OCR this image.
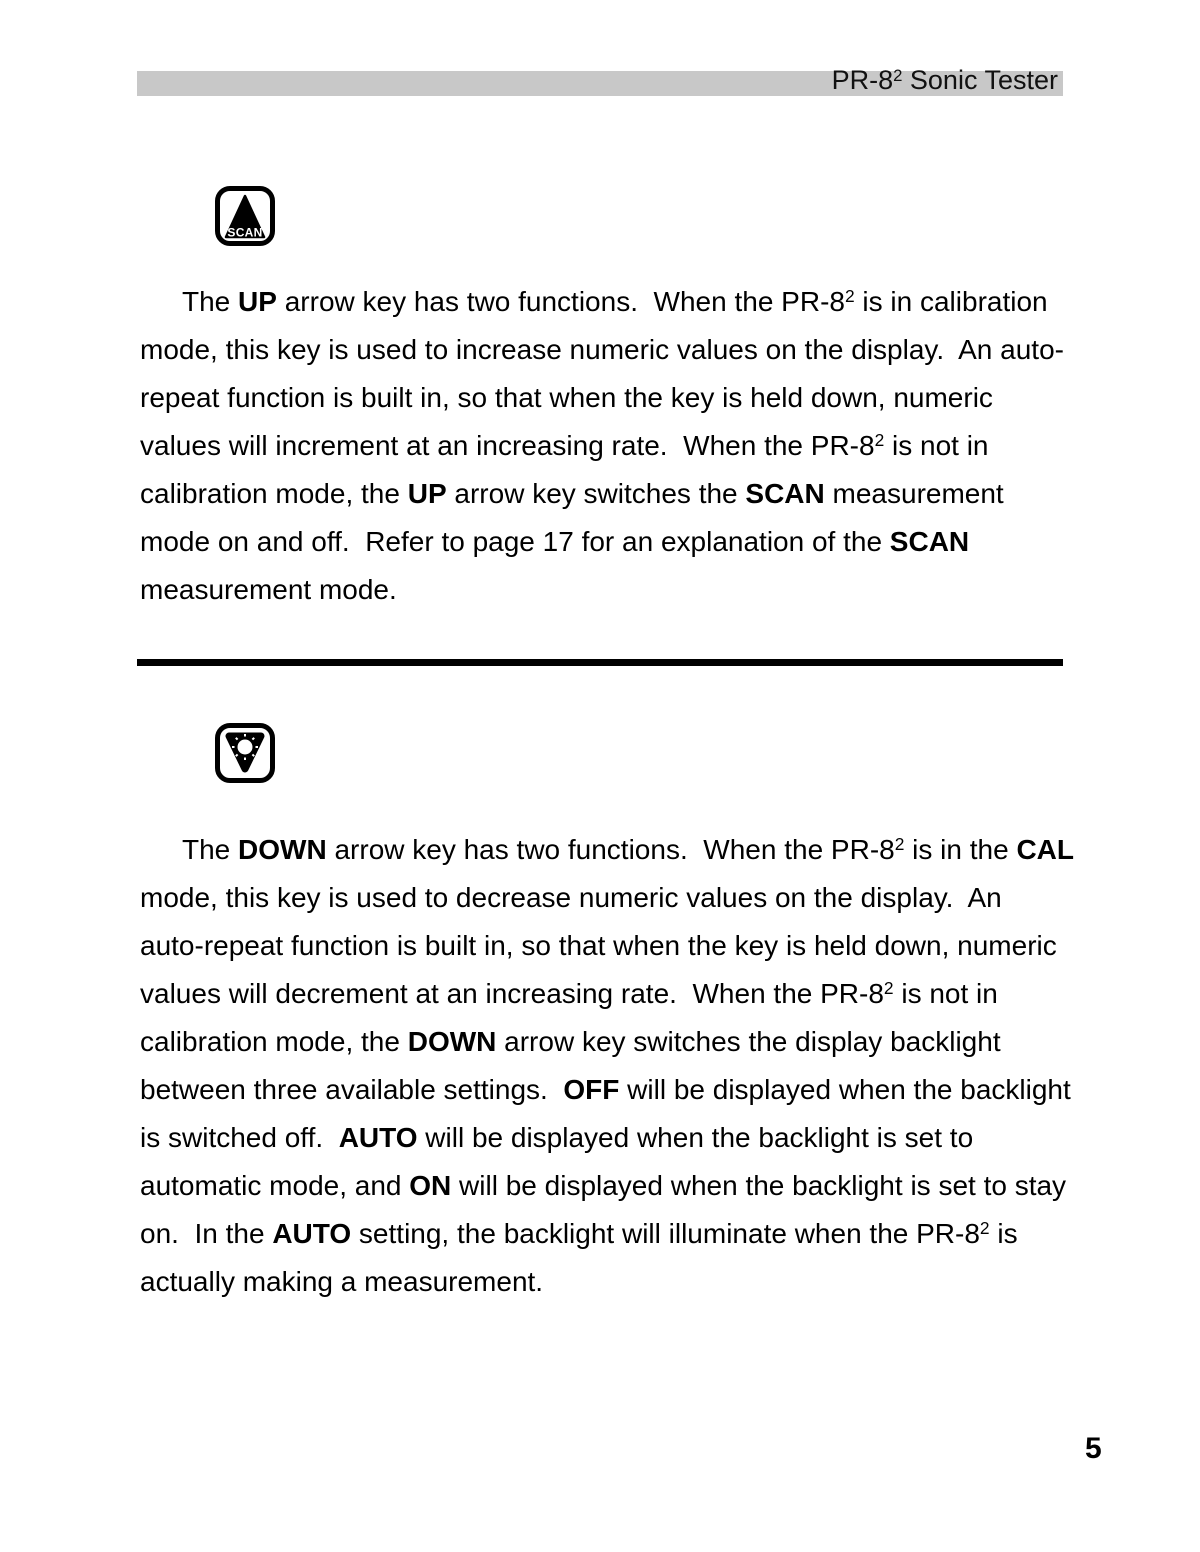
$PR-8^2$ Sonic Tester
SCAN
The UP arrow key has two functions.  When the $PR-8^2$ is in calibration
mode, this key is used to increase numeric values on the display.  An auto-
repeat function is built in, so that when the key is held down, numeric
values will increment at an increasing rate.  When the $PR-8^2$ is not in
calibration mode, the UP arrow key switches the SCAN measurement
mode on and off.  Refer to page 17 for an explanation of the SCAN
measurement mode.
The DOWN arrow key has two functions.  When the $PR-8^2$ is in the CAL
mode, this key is used to decrease numeric values on the display.  An
auto-repeat function is built in, so that when the key is held down, numeric
values will decrement at an increasing rate.  When the $PR-8^2$ is not in
calibration mode, the DOWN arrow key switches the display backlight
between three available settings.  OFF will be displayed when the backlight
is switched off.  AUTO will be displayed when the backlight is set to
automatic mode, and ON will be displayed when the backlight is set to stay
on.  In the AUTO setting, the backlight will illuminate when the $PR-8^2$ is
actually making a measurement.
5
